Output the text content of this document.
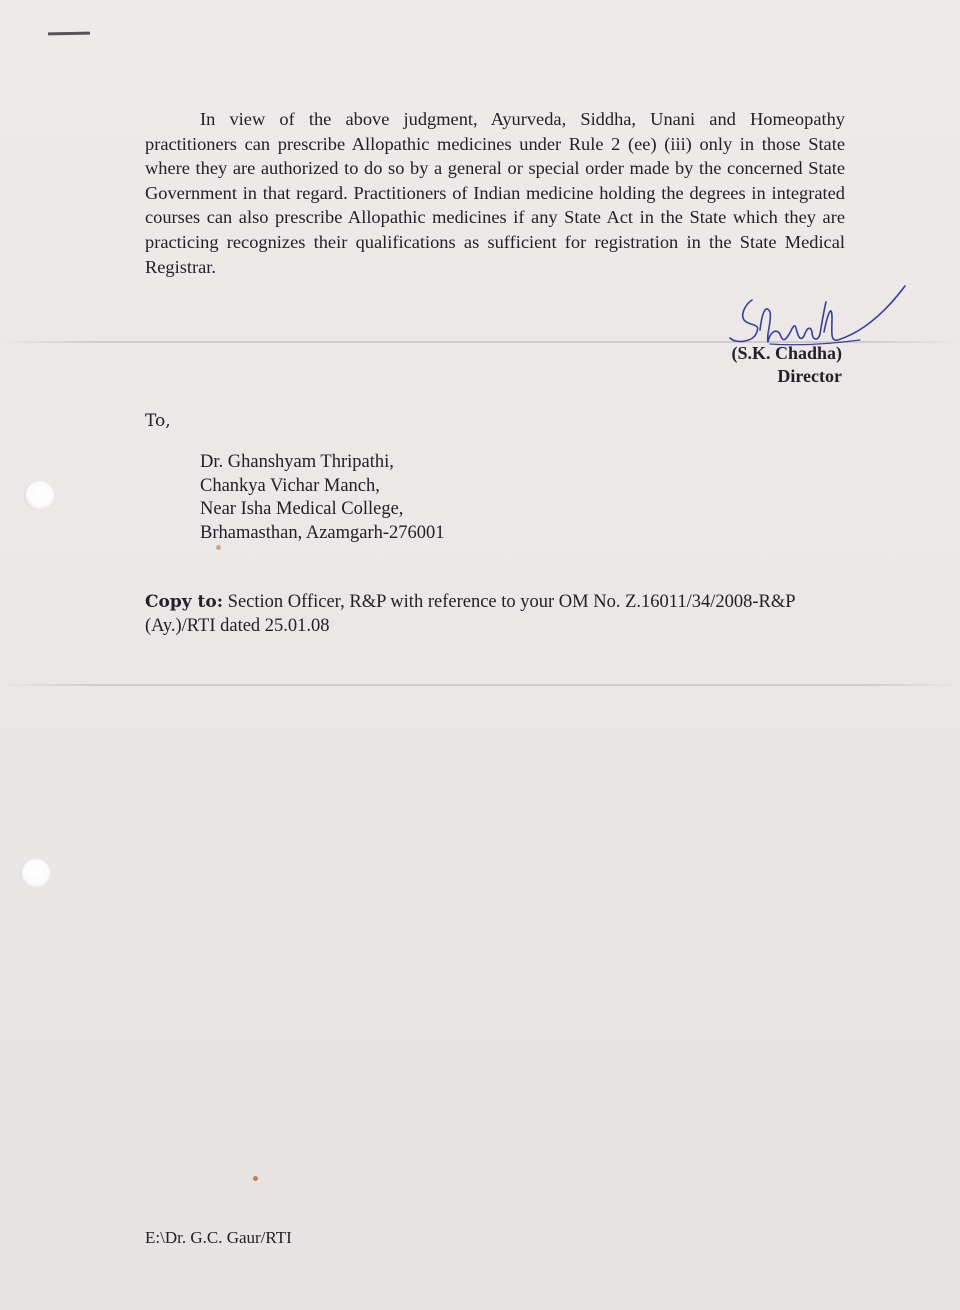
In view of the above judgment, Ayurveda, Siddha, Unani and Homeopathy practitioners can prescribe Allopathic medicines under Rule 2 (ee) (iii) only in those State where they are authorized to do so by a general or special order made by the concerned State Government in that regard. Practitioners of Indian medicine holding the degrees in integrated courses can also prescribe Allopathic medicines if any State Act in the State which they are practicing recognizes their qualifications as sufficient for registration in the State Medical Registrar.

(S.K. Chadha)
Director
To,
Dr. Ghanshyam Thripathi,
Chankya Vichar Manch,
Near Isha Medical College,
Brhamasthan, Azamgarh-276001
Copy to: Section Officer, R&P with reference to your OM No. Z.16011/34/2008-R&P (Ay.)/RTI dated 25.01.08
E:\Dr. G.C. Gaur/RTI
